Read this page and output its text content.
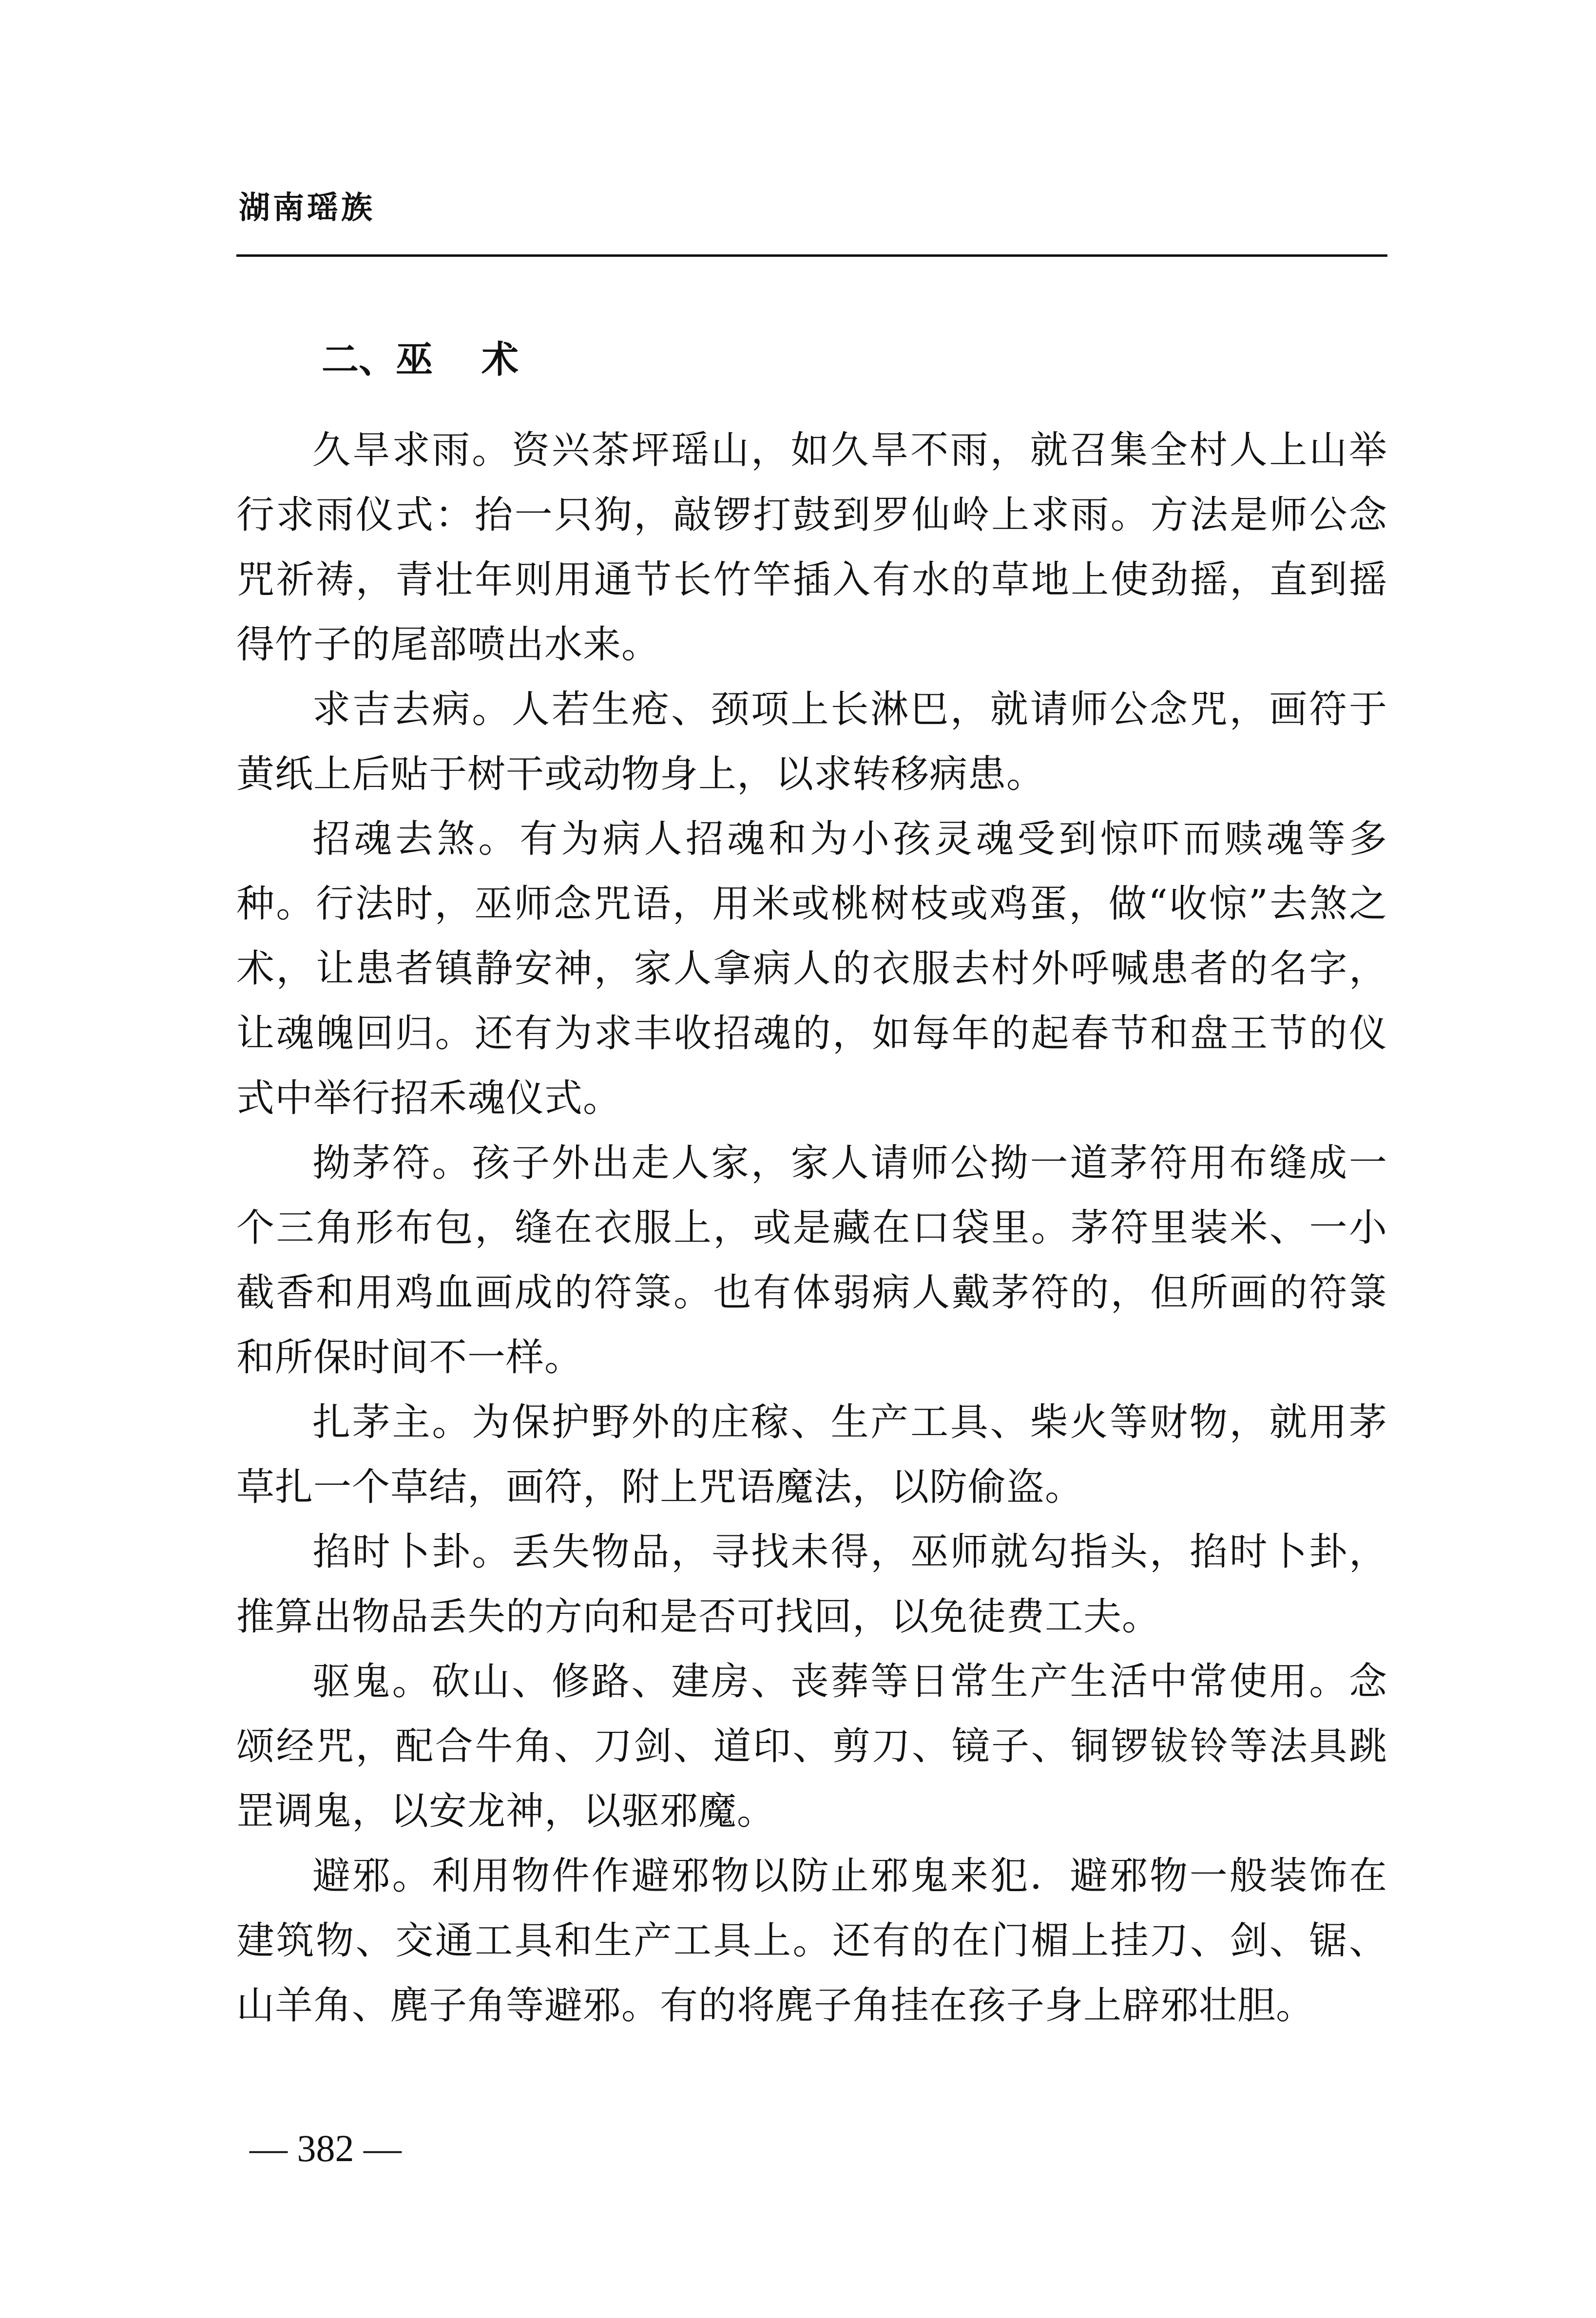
湖南瑶族
二、巫 术

久旱求雨。资兴茶坪瑶山，如久旱不雨，就召集全村人上山举行求雨仪式：抬一只狗，敲锣打鼓到罗仙岭上求雨。方法是师公念咒祈祷，青壮年则用通节长竹竿插入有水的草地上使劲摇，直到摇得竹子的尾部喷出水来。

求吉去病。人若生疮、颈项上长淋巴，就请师公念咒，画符于黄纸上后贴于树干或动物身上，以求转移病患。

招魂去煞。有为病人招魂和为小孩灵魂受到惊吓而赎魂等多种。行法时，巫师念咒语，用米或桃树枝或鸡蛋，做“收惊”去煞之术，让患者镇静安神，家人拿病人的衣服去村外呼喊患者的名字，让魂魄回归。还有为求丰收招魂的，如每年的起春节和盘王节的仪式中举行招禾魂仪式。

拗茅符。孩子外出走人家，家人请师公拗一道茅符用布缝成一个三角形布包，缝在衣服上，或是藏在口袋里。茅符里装米、一小截香和用鸡血画成的符箓。也有体弱病人戴茅符的，但所画的符箓和所保时间不一样。

扎茅主。为保护野外的庄稼、生产工具、柴火等财物，就用茅草扎一个草结，画符，附上咒语魔法，以防偷盗。

掐时卜卦。丢失物品，寻找未得，巫师就勾指头，掐时卜卦，推算出物品丢失的方向和是否可找回，以免徒费工夫。

驱鬼。砍山、修路、建房、丧葬等日常生产生活中常使用。念颂经咒，配合牛角、刀剑、道印、剪刀、镜子、铜锣钹铃等法具跳罡调鬼，以安龙神，以驱邪魔。

避邪。利用物件作避邪物以防止邪鬼来犯．避邪物一般装饰在建筑物、交通工具和生产工具上。还有的在门楣上挂刀、剑、锯、山羊角、麂子角等避邪。有的将麂子角挂在孩子身上辟邪壮胆。

— 382 —
